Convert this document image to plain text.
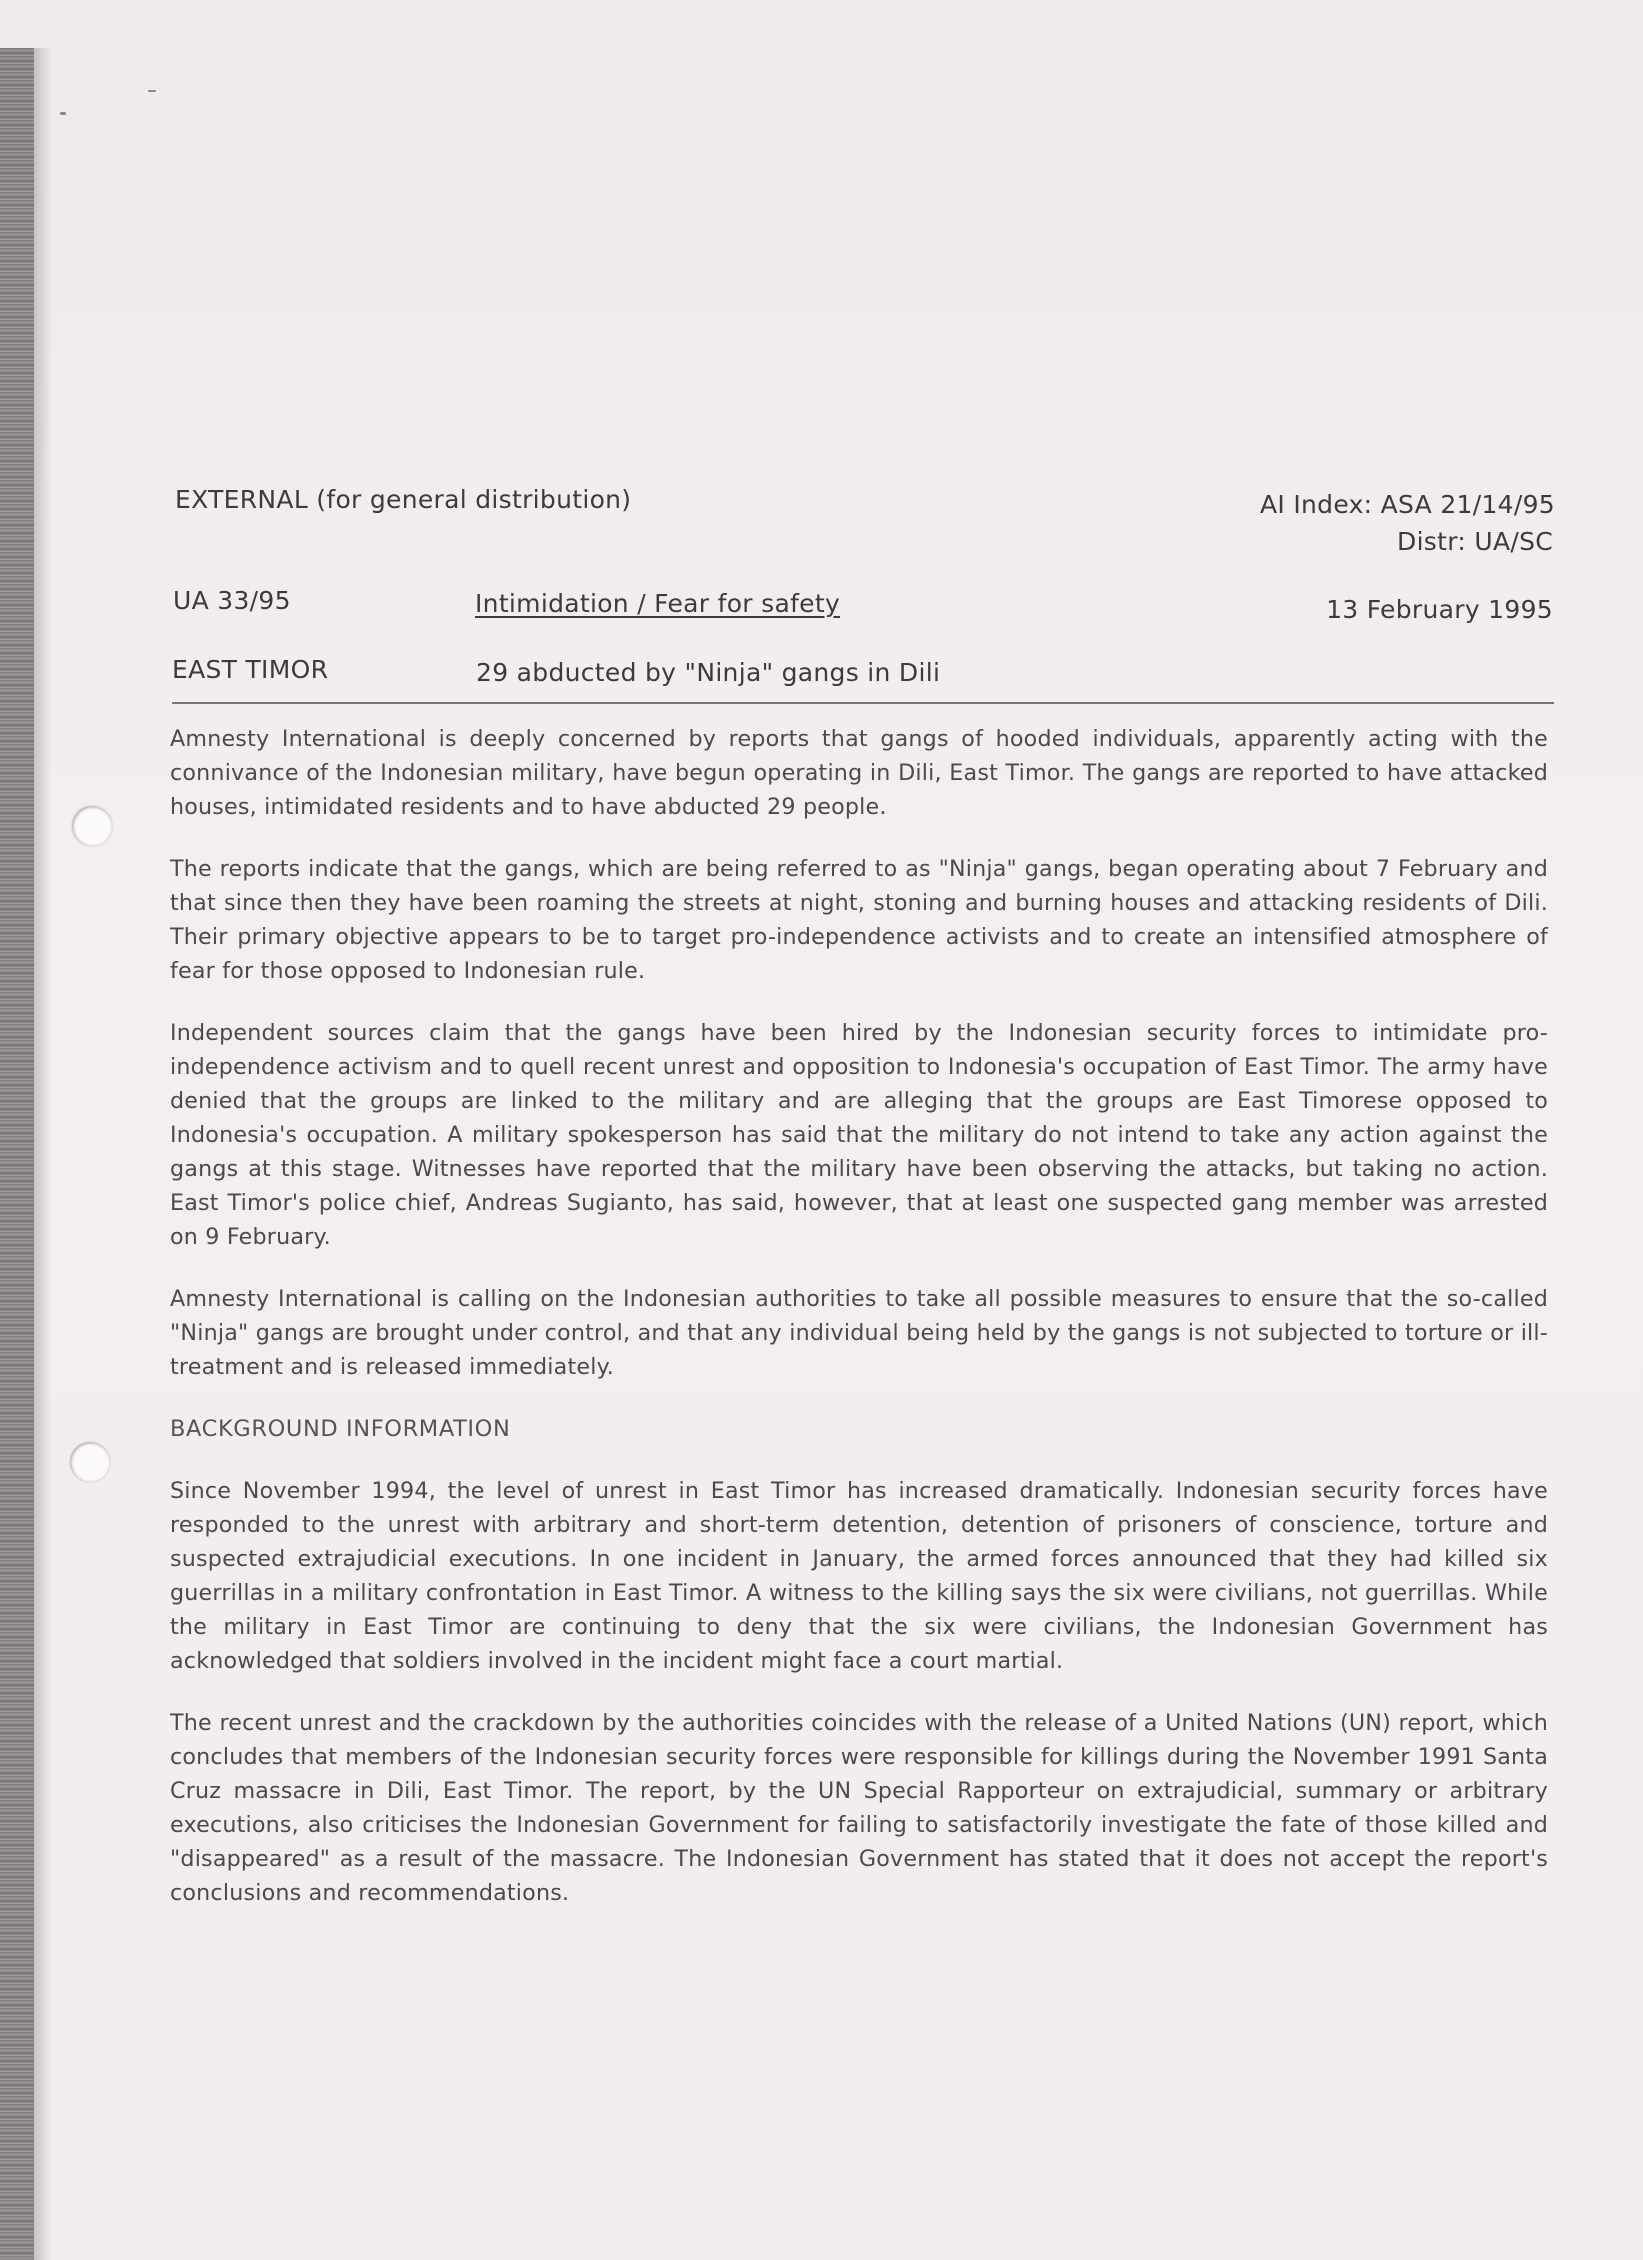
EXTERNAL (for general distribution)	AI Index: ASA 21/14/95
Distr: UA/SC
UA 33/95	Intimidation / Fear for safety	13 February 1995
EAST TIMOR	29 abducted by "Ninja" gangs in Dili

Amnesty International is deeply concerned by reports that gangs of hooded individuals, apparently acting with the connivance of the Indonesian military, have begun operating in Dili, East Timor. The gangs are reported to have attacked houses, intimidated residents and to have abducted 29 people.

The reports indicate that the gangs, which are being referred to as "Ninja" gangs, began operating about 7 February and that since then they have been roaming the streets at night, stoning and burning houses and attacking residents of Dili. Their primary objective appears to be to target pro-independence activists and to create an intensified atmosphere of fear for those opposed to Indonesian rule.

Independent sources claim that the gangs have been hired by the Indonesian security forces to intimidate pro-independence activism and to quell recent unrest and opposition to Indonesia's occupation of East Timor. The army have denied that the groups are linked to the military and are alleging that the groups are East Timorese opposed to Indonesia's occupation. A military spokesperson has said that the military do not intend to take any action against the gangs at this stage. Witnesses have reported that the military have been observing the attacks, but taking no action. East Timor's police chief, Andreas Sugianto, has said, however, that at least one suspected gang member was arrested on 9 February.

Amnesty International is calling on the Indonesian authorities to take all possible measures to ensure that the so-called "Ninja" gangs are brought under control, and that any individual being held by the gangs is not subjected to torture or ill-treatment and is released immediately.

BACKGROUND INFORMATION

Since November 1994, the level of unrest in East Timor has increased dramatically. Indonesian security forces have responded to the unrest with arbitrary and short-term detention, detention of prisoners of conscience, torture and suspected extrajudicial executions. In one incident in January, the armed forces announced that they had killed six guerrillas in a military confrontation in East Timor. A witness to the killing says the six were civilians, not guerrillas. While the military in East Timor are continuing to deny that the six were civilians, the Indonesian Government has acknowledged that soldiers involved in the incident might face a court martial.

The recent unrest and the crackdown by the authorities coincides with the release of a United Nations (UN) report, which concludes that members of the Indonesian security forces were responsible for killings during the November 1991 Santa Cruz massacre in Dili, East Timor. The report, by the UN Special Rapporteur on extrajudicial, summary or arbitrary executions, also criticises the Indonesian Government for failing to satisfactorily investigate the fate of those killed and "disappeared" as a result of the massacre. The Indonesian Government has stated that it does not accept the report's conclusions and recommendations.
